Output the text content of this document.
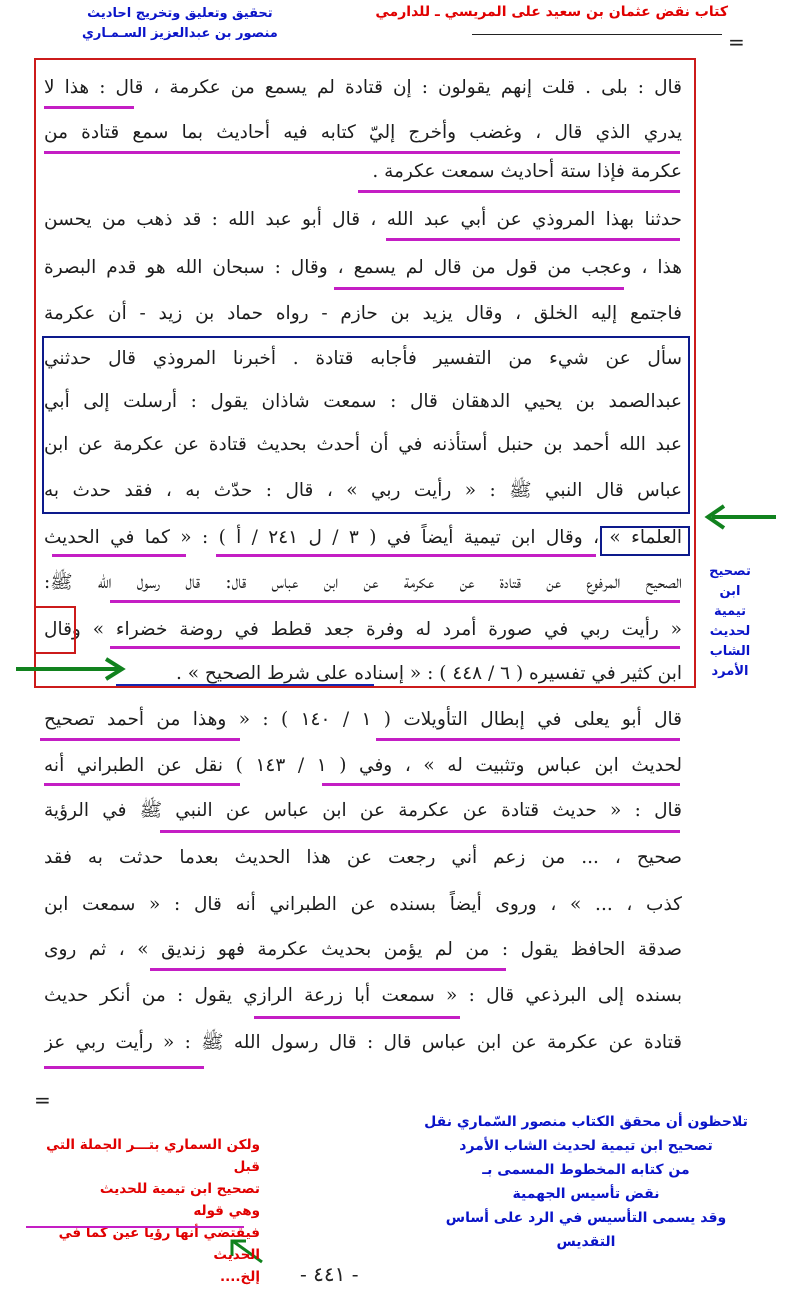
كتاب نقض عثمان بن سعيد على المريسي ـ للدارمي
تحقيق وتعليق وتخريج احاديث
منصور بن عبدالعزيز السـمـاري	=
قال : بلى . قلت إنهم يقولون : إن قتادة لم يسمع من عكرمة ، قال : هذا لا
يدري الذي قال ، وغضب وأخرج إليّ كتابه فيه أحاديث بما سمع قتادة من
عكرمة فإذا ستة أحاديث سمعت عكرمة .
حدثنا بهذا المروذي عن أبي عبد الله ، قال أبو عبد الله : قد ذهب من يحسن
هذا ، وعجب من قول من قال لم يسمع ، وقال : سبحان الله هو قدم البصرة
فاجتمع إليه الخلق ، وقال يزيد بن حازم - رواه حماد بن زيد - أن عكرمة
سأل عن شيء من التفسير فأجابه قتادة . أخبرنا المروذي قال حدثني
عبدالصمد بن يحيي الدهقان قال : سمعت شاذان يقول : أرسلت إلى أبي
عبد الله أحمد بن حنبل أستأذنه في أن أحدث بحديث قتادة عن عكرمة عن ابن
عباس قال النبي ﷺ : « رأيت ربي » ، قال : حدّث به ، فقد حدث به
العلماء » ، وقال ابن تيمية أيضاً في ( ٣ / ل ٢٤١ / أ ) : « كما في الحديث
الصحيح المرفوع عن قتادة عن عكرمة عن ابن عباس قال: قال رسول الله ﷺ:
« رأيت ربي في صورة أمرد له وفرة جعد قطط في روضة خضراء » وقال
ابن كثير في تفسيره ( ٦ / ٤٤٨ ) : « إسناده على شرط الصحيح » .
قال أبو يعلى في إبطال التأويلات ( ١ / ١٤٠ ) : « وهذا من أحمد تصحيح
لحديث ابن عباس وتثبيت له » ، وفي ( ١ / ١٤٣ ) نقل عن الطبراني أنه
قال : « حديث قتادة عن عكرمة عن ابن عباس عن النبي ﷺ في الرؤية
صحيح ، ... من زعم أني رجعت عن هذا الحديث بعدما حدثت به فقد
كذب ، ... » ، وروى أيضاً بسنده عن الطبراني أنه قال : « سمعت ابن
صدقة الحافظ يقول : من لم يؤمن بحديث عكرمة فهو زنديق » ، ثم روى
بسنده إلى البرذعي قال : « سمعت أبا زرعة الرازي يقول : من أنكر حديث
قتادة عن عكرمة عن ابن عباس قال : قال رسول الله ﷺ : « رأيت ربي عز
تصحيح
ابن تيمية
لحديث
الشاب
الأمرد
=
ولكن السماري بتـــر الجملة التي قبل
تصحيح ابن تيمية للحديث
وهي قوله
فيقتضي أنها رؤيا عين كما في الحديث
إلخ....
تلاحظون أن محقق الكتاب منصور السّماري نقل
تصحيح ابن تيمية لحديث الشاب الأمرد
من كتابه المخطوط المسمى بـ
نقض تأسيس الجهمية
وقد يسمى التأسيس في الرد على أساس التقديس
- ٤٤١ -
